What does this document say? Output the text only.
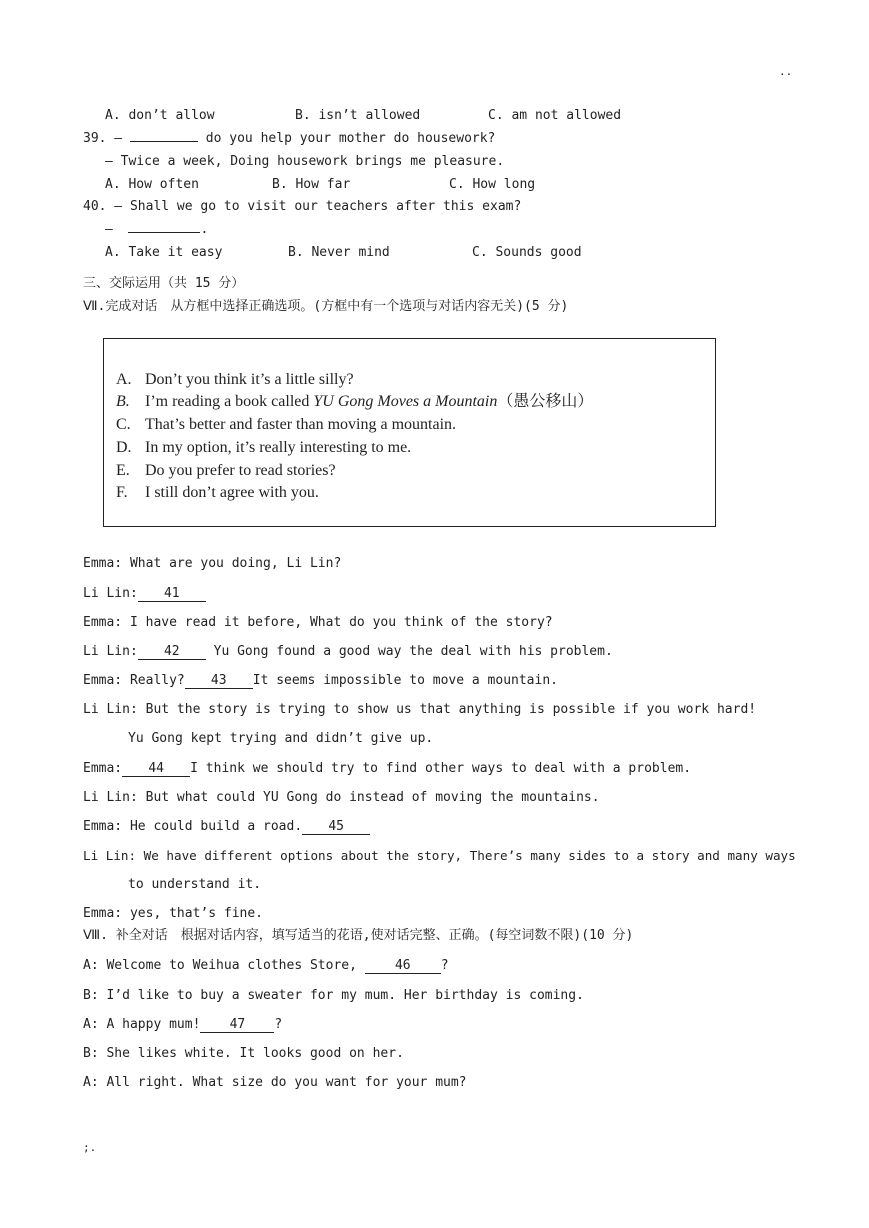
..
A. don’t allow	B. isn’t allowed	C. am not allowed
39. —	do you help your mother do housework?
— Twice a week, Doing housework brings me pleasure.
A. How often	B. How far	C. How long
40. — Shall we go to visit our teachers after this exam?
—	.
A. Take it easy	B. Never mind	C. Sounds good
三、交际运用（共 15 分）
Ⅶ.完成对话　从方框中选择正确选项。(方框中有一个选项与对话内容无关)(5 分)
A. Don’t you think it’s a little silly?
B. I’m reading a book called YU Gong Moves a Mountain（愚公移山）
C. That’s better and faster than moving a mountain.
D. In my option, it’s really interesting to me.
E. Do you prefer to read stories?
F. I still don’t agree with you.
Emma: What are you doing, Li Lin?
Li Lin: 41
Emma: I have read it before, What do you think of the story?
Li Lin: 42 Yu Gong found a good way the deal with his problem.
Emma: Really? 43 It seems impossible to move a mountain.
Li Lin: But the story is trying to show us that anything is possible if you work hard!
Yu Gong kept trying and didn’t give up.
Emma: 44 I think we should try to find other ways to deal with a problem.
Li Lin: But what could YU Gong do instead of moving the mountains.
Emma: He could build a road. 45
Li Lin: We have different options about the story, There’s many sides to a story and many ways
to understand it.
Emma: yes, that’s fine.
Ⅷ. 补全对话　根据对话内容，填写适当的花语,使对话完整、正确。(每空词数不限)(10 分)
A: Welcome to Weihua clothes Store, 46 ?
B: I’d like to buy a sweater for my mum. Her birthday is coming.
A: A happy mum! 47 ?
B: She likes white. It looks good on her.
A: All right. What size do you want for your mum?
;.
